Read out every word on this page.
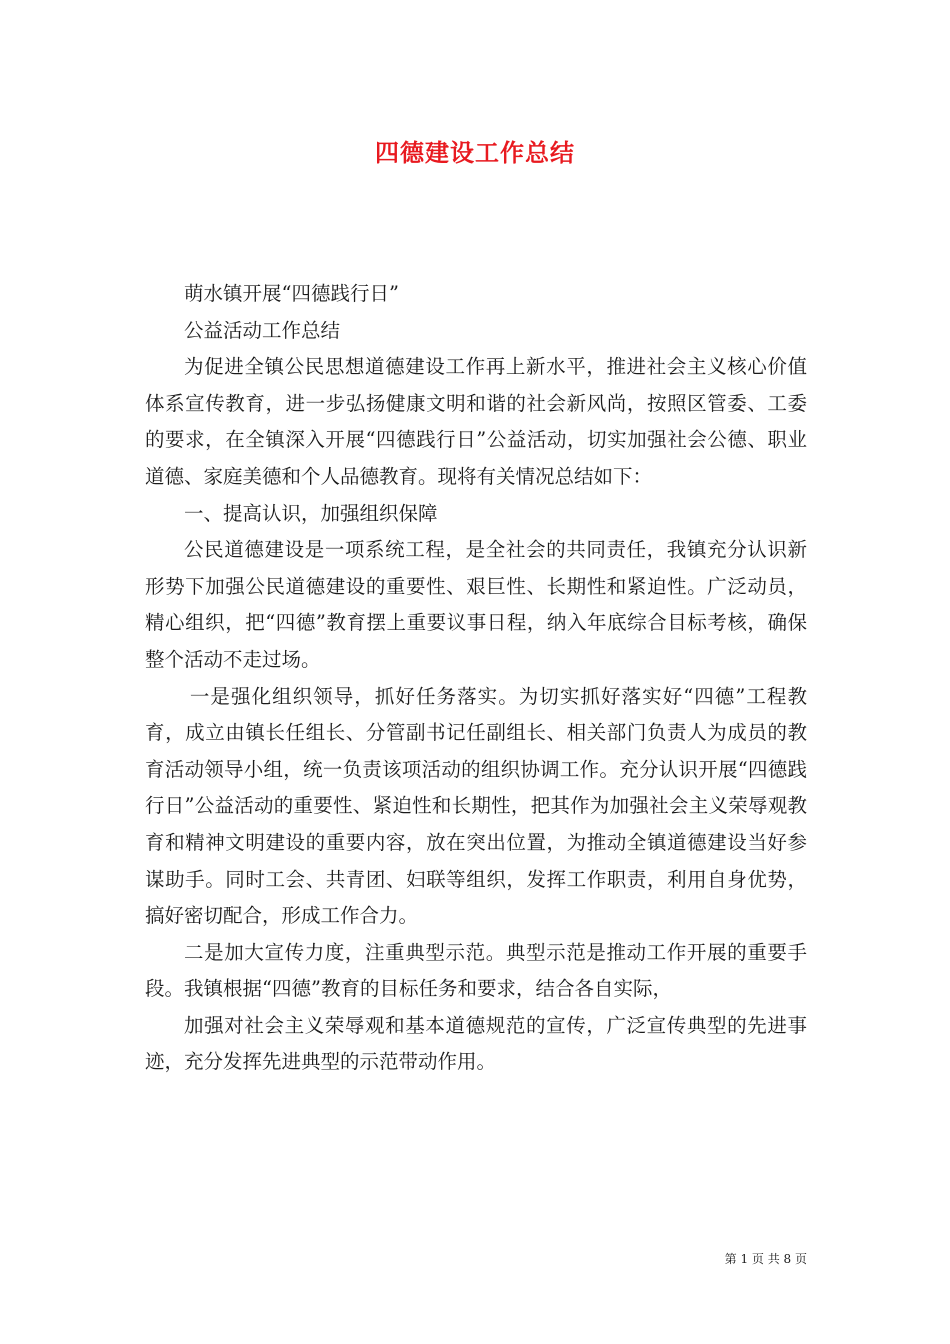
四德建设工作总结

萌水镇开展“四德践行日”

公益活动工作总结

为促进全镇公民思想道德建设工作再上新水平，推进社会主义核心价值体系宣传教育，进一步弘扬健康文明和谐的社会新风尚，按照区管委、工委的要求，在全镇深入开展“四德践行日”公益活动，切实加强社会公德、职业道德、家庭美德和个人品德教育。现将有关情况总结如下：

一、提高认识，加强组织保障

公民道德建设是一项系统工程，是全社会的共同责任，我镇充分认识新形势下加强公民道德建设的重要性、艰巨性、长期性和紧迫性。广泛动员，精心组织，把“四德”教育摆上重要议事日程，纳入年底综合目标考核，确保整个活动不走过场。

一是强化组织领导，抓好任务落实。为切实抓好落实好“四德”工程教育，成立由镇长任组长、分管副书记任副组长、相关部门负责人为成员的教育活动领导小组，统一负责该项活动的组织协调工作。充分认识开展“四德践行日”公益活动的重要性、紧迫性和长期性，把其作为加强社会主义荣辱观教育和精神文明建设的重要内容，放在突出位置，为推动全镇道德建设当好参谋助手。同时工会、共青团、妇联等组织，发挥工作职责，利用自身优势，搞好密切配合，形成工作合力。

二是加大宣传力度，注重典型示范。典型示范是推动工作开展的重要手段。我镇根据“四德”教育的目标任务和要求，结合各自实际，

加强对社会主义荣辱观和基本道德规范的宣传，广泛宣传典型的先进事迹，充分发挥先进典型的示范带动作用。

第 1 页 共 8 页
